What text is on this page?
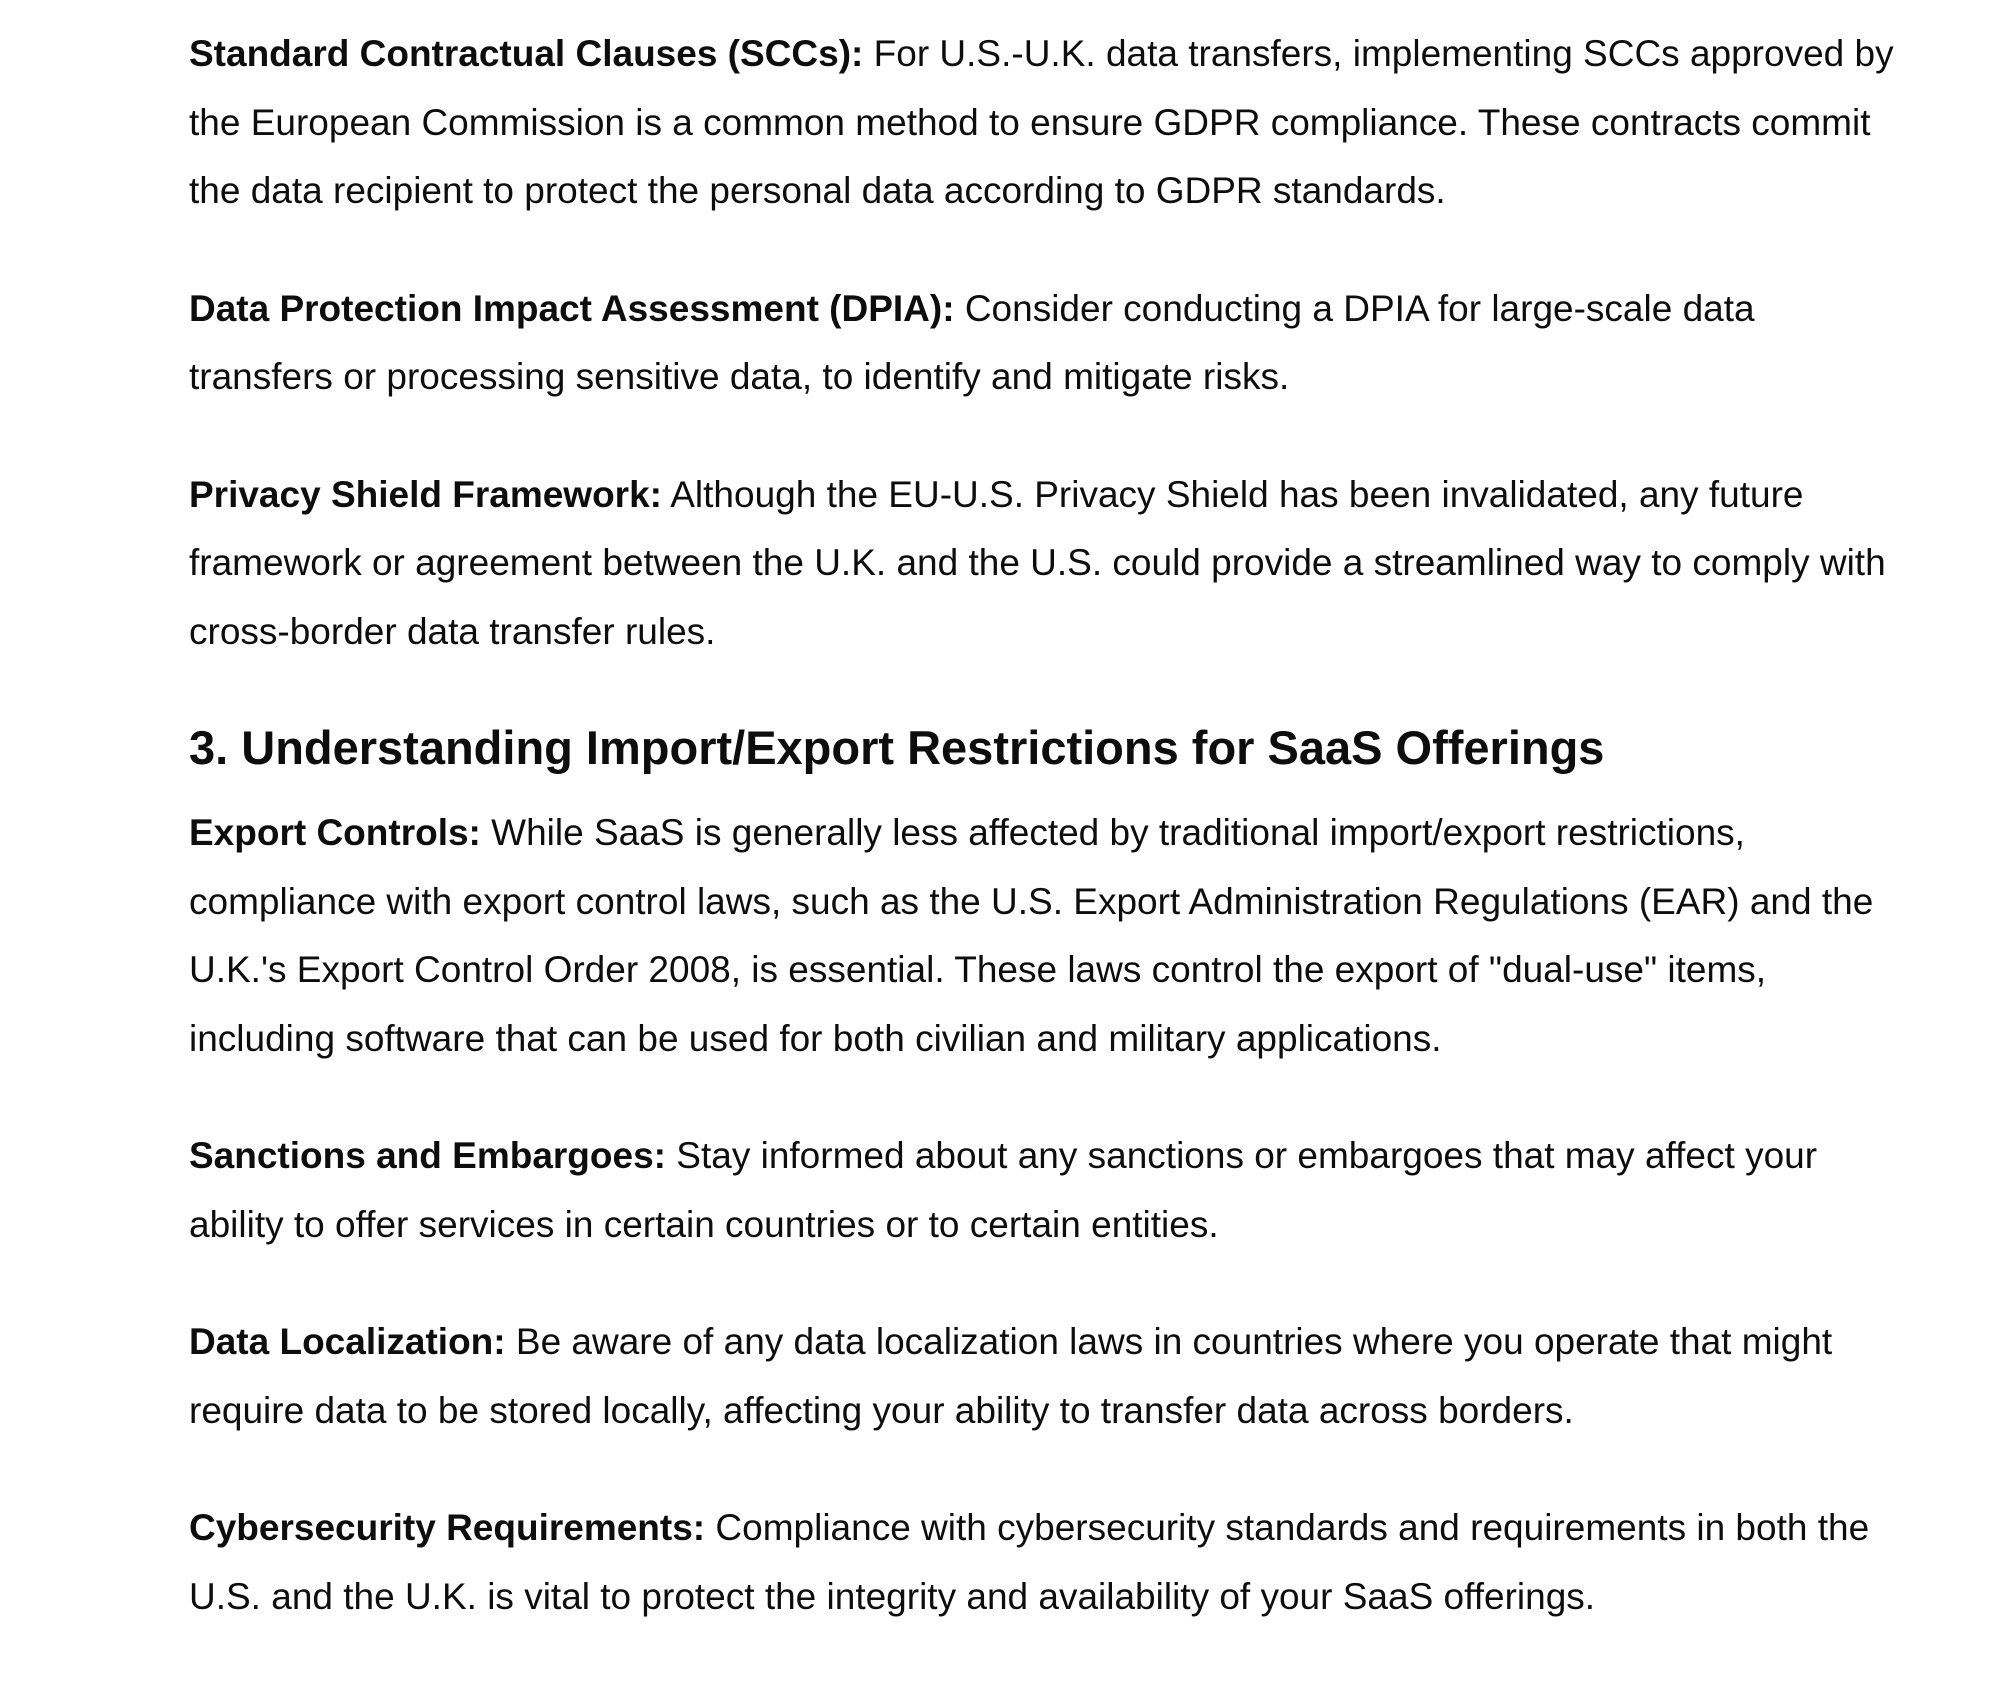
Standard Contractual Clauses (SCCs): For U.S.-U.K. data transfers, implementing SCCs approved by the European Commission is a common method to ensure GDPR compliance. These contracts commit the data recipient to protect the personal data according to GDPR standards.

Data Protection Impact Assessment (DPIA): Consider conducting a DPIA for large-scale data transfers or processing sensitive data, to identify and mitigate risks.

Privacy Shield Framework: Although the EU-U.S. Privacy Shield has been invalidated, any future framework or agreement between the U.K. and the U.S. could provide a streamlined way to comply with cross-border data transfer rules.

3. Understanding Import/Export Restrictions for SaaS Offerings

Export Controls: While SaaS is generally less affected by traditional import/export restrictions, compliance with export control laws, such as the U.S. Export Administration Regulations (EAR) and the U.K.'s Export Control Order 2008, is essential. These laws control the export of "dual-use" items, including software that can be used for both civilian and military applications.

Sanctions and Embargoes: Stay informed about any sanctions or embargoes that may affect your ability to offer services in certain countries or to certain entities.

Data Localization: Be aware of any data localization laws in countries where you operate that might require data to be stored locally, affecting your ability to transfer data across borders.

Cybersecurity Requirements: Compliance with cybersecurity standards and requirements in both the U.S. and the U.K. is vital to protect the integrity and availability of your SaaS offerings.
